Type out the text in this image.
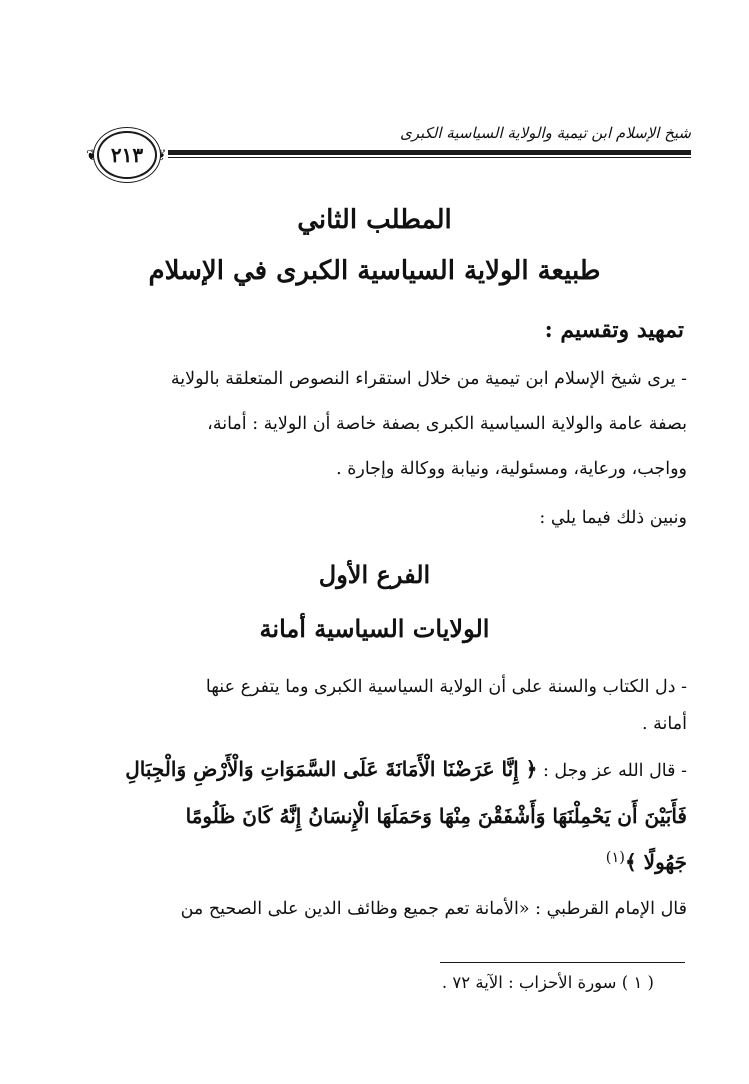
شيخ الإسلام ابن تيمية والولاية السياسية الكبرى
❦	❦
٢١٣
المطلب الثاني
طبيعة الولاية السياسية الكبرى في الإسلام
تمهيد وتقسيم :
- يرى شيخ الإسلام ابن تيمية من خلال استقراء النصوص المتعلقة بالولاية
بصفة عامة والولاية السياسية الكبرى بصفة خاصة أن الولاية : أمانة،
وواجب، ورعاية، ومسئولية، ونيابة ووكالة وإجارة .
ونبين ذلك فيما يلي :
الفرع الأول
الولايات السياسية أمانة
- دل الكتاب والسنة على أن الولاية السياسية الكبرى وما يتفرع عنها
أمانة .
- قال الله عز وجل : ﴿ إِنَّا عَرَضْنَا الْأَمَانَةَ عَلَى السَّمَوَاتِ وَالْأَرْضِ وَالْجِبَالِ
فَأَبَيْنَ أَن يَحْمِلْنَهَا وَأَشْفَقْنَ مِنْهَا وَحَمَلَهَا الْإِنسَانُ إِنَّهُ كَانَ ظَلُومًا
جَهُولًا ﴾$^{(١)}$
قال الإمام القرطبي : «الأمانة تعم جميع وظائف الدين على الصحيح من
( ١ ) سورة الأحزاب : الآية ٧٢ .
